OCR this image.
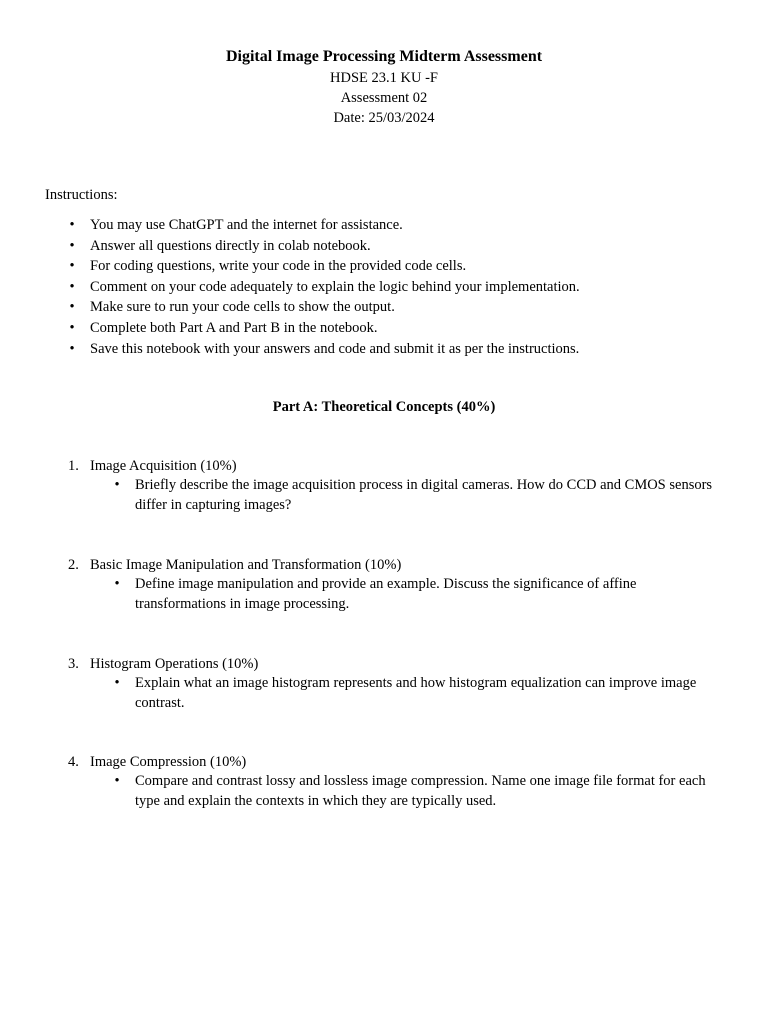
Digital Image Processing Midterm Assessment
HDSE 23.1 KU -F
Assessment 02
Date: 25/03/2024
Instructions:
• You may use ChatGPT and the internet for assistance.
• Answer all questions directly in colab notebook.
• For coding questions, write your code in the provided code cells.
• Comment on your code adequately to explain the logic behind your implementation.
• Make sure to run your code cells to show the output.
• Complete both Part A and Part B in the notebook.
• Save this notebook with your answers and code and submit it as per the instructions.
Part A: Theoretical Concepts (40%)
1. Image Acquisition (10%)
• Briefly describe the image acquisition process in digital cameras. How do CCD and CMOS sensors differ in capturing images?
2. Basic Image Manipulation and Transformation (10%)
• Define image manipulation and provide an example. Discuss the significance of affine transformations in image processing.
3. Histogram Operations (10%)
• Explain what an image histogram represents and how histogram equalization can improve image contrast.
4. Image Compression (10%)
• Compare and contrast lossy and lossless image compression. Name one image file format for each type and explain the contexts in which they are typically used.
